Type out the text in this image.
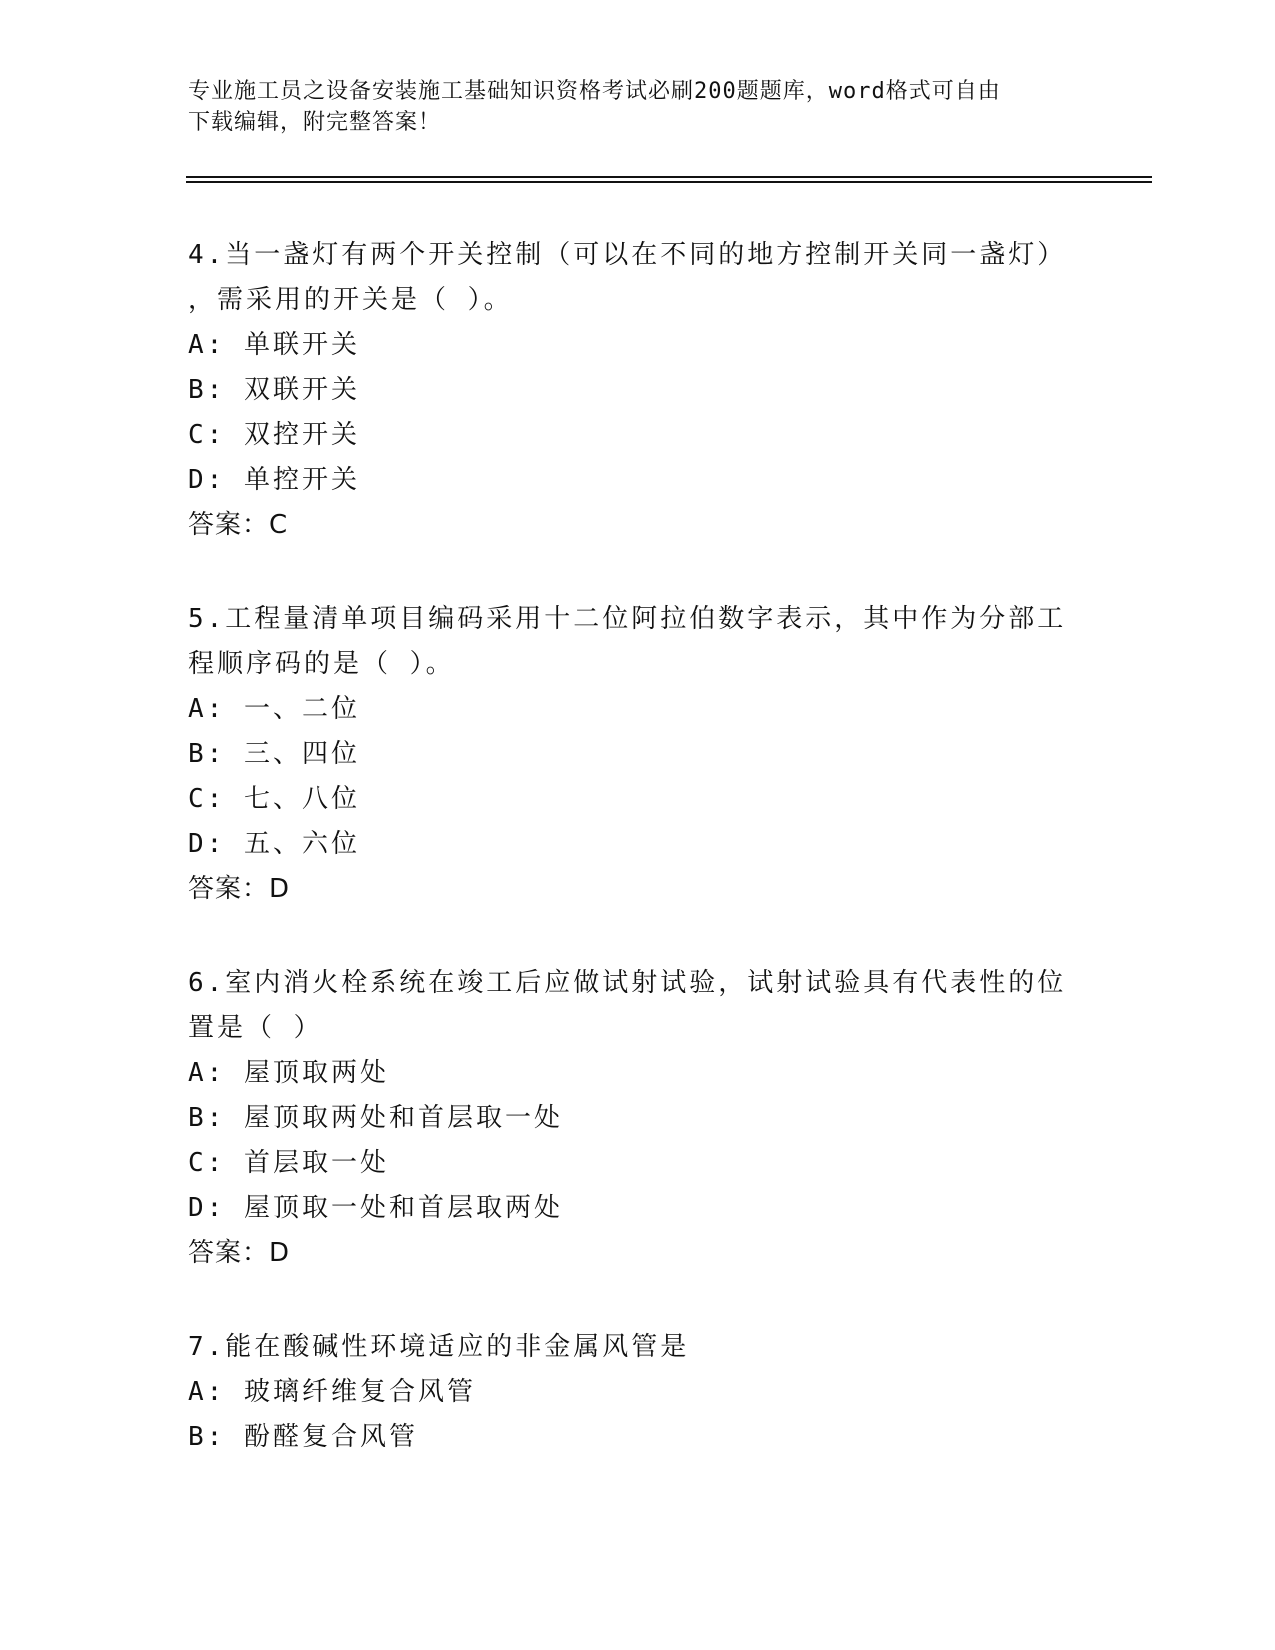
专业施工员之设备安装施工基础知识资格考试必刷200题题库，word格式可自由
下载编辑，附完整答案！
4.当一盏灯有两个开关控制（可以在不同的地方控制开关同一盏灯）
，需采用的开关是（ ）。
A: 单联开关
B: 双联开关
C: 双控开关
D: 单控开关
答案：C
5.工程量清单项目编码采用十二位阿拉伯数字表示，其中作为分部工
程顺序码的是（ ）。
A: 一、二位
B: 三、四位
C: 七、八位
D: 五、六位
答案：D
6.室内消火栓系统在竣工后应做试射试验，试射试验具有代表性的位
置是（ ）
A: 屋顶取两处
B: 屋顶取两处和首层取一处
C: 首层取一处
D: 屋顶取一处和首层取两处
答案：D
7.能在酸碱性环境适应的非金属风管是
A: 玻璃纤维复合风管
B: 酚醛复合风管
